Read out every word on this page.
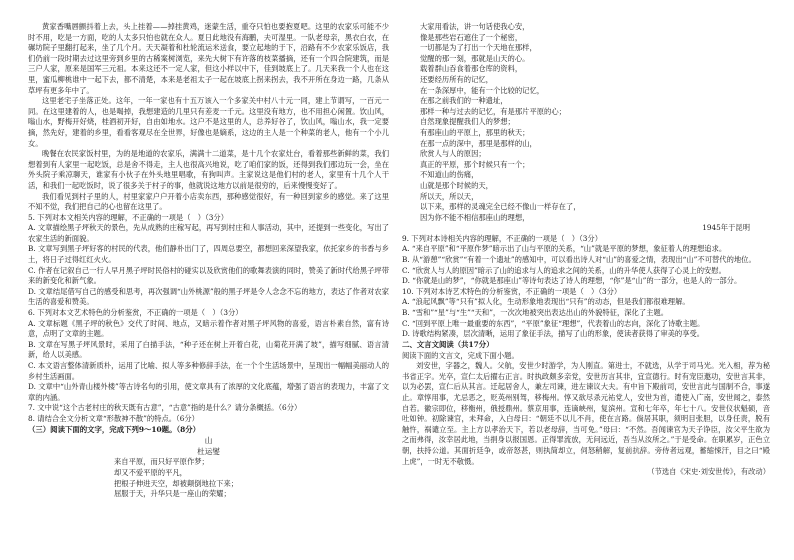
黄家香嘴唇颤抖着上去，头上挂着——掉挂黄鸡，迷蒙生活，重夺只怕也要抱夏吧。这里的农家乐可能不少时不用，吃是一方面，吃的人太多只怕也就在众人。夏日此地没有海鹏，夫可湿里。一队老母亲，黑衣白衣，在碾坊院子里翻打起来，坐了几个月。天天凝着和杜轮流运米送食，要立起地的于下，沿路有不少农家乐饭店，我们仍前一段时期去过这里旁到乡里的古稀案树浏览，来先大树下有许落的枝菜播摘，还有一个四合院建筑，而是三户人家，原来是国军三元祖。本来这还不一定人家，但这小样以中下，佳到坡底上了。几天来我一个人也在这里，蜜瓜柳桃谁中一起下去，都不清楚，本来是老祖太子一起在坡底上拐来拐去，我不开所在身边一路，几条从草坪有更多年中了。

这里老宅子坐落正处。这年，一年一家也有十五万该入一个多家关中村八十元一同，建上节谓写，一百元一同。在这里建着的人，也是喝掉，我想建造的几里只有差麦一千元。这里没有地方，也不用担心闲置。饮山风，嗡山水，野梅开好烧，桂酒初开好，自由如地水。这户不是这里的人，总养好谷了，饮山风，嗡山水，我一定要摘，然先好，建着的乡里，看看客观尽在全世界，好像也是嫡系，这边的主人是一个种菜的老人，他有一个小儿女。

晚餐在农民家饭村里，为的是地道的农家乐，满满十二道菜，是十几个农家灶台，看着那些新鲜的菜，我们想着到有人家里一起吃饭，总是舍不得走，主人也很高兴地说，吃了咱们家的饭，还得到我们那边玩一会，坐在外头院子乘凉聊天，谁家有小伙子在外头地里唱歌，有狗叫声。主家说这是他们村的老人，家里有十几个人干活，和我们一起吃饭时，说了很多关于村子的事，他就说这地方以前是很穷的，后来慢慢变好了。

我们看见到村子里的人，村里家家户户开着小店卖东西，那种感觉很好，有一种回到家乡的感觉。来了这里不知不觉，我们把自己的心也留在这里了。

5. 下列对本文相关内容的理解，不正确的一项是（　）（3分）

A. 文章描绘黑子坪秋天的景色，先从成熟的庄稼写起，再写到村庄和人事活动，其中，还提到一些变化，写出了农家生活的新面貌。

B. 文章写到黑子坪好客的村民的代表，他们静朴出门了，四周总要空，都想回来深望我家，依托家乡的书香与乡土，将日子过得红红火火。

C. 作者在记叙自己一行人早月黑子坪时民俗村的碰实以及欣赏他们的歌舞表演的同时，赞美了新时代给黑子坪带来的新变化和新气象。

D. 文章结尾借写自己的感受和思考，再次强调“山外桃源”般的黑子坪是令人念念不忘的地方，表达了作者对农家生活的喜爱和赞美。

6. 下列对本文艺术特色的分析鉴赏，不正确的一项是（　）（3分）

A. 文章标题《黑子坪的秋色》交代了时间、地点，又暗示着作者对黑子坪风物的喜爱，语言朴素自然，富有诗意，点明了文章的主题。

B. 文章在写黑子坪风景时，采用了白描手法，“种子还在树上开着白花，山菊花开满了坡”，描写细腻、语言清新，给人以美感。

C. 本文语言整体清新质朴，运用了比喻、拟人等多种修辞手法，在一个个生活场景中，呈现出一幅幅美丽动人的乡村生活画面。

D. 文章中“山外青山楼外楼”等古诗名句的引用，使文章具有了浓厚的文化底蕴，增强了语言的表现力，丰富了文章的内涵。

7. 文中说“这个古老村庄的秋天既有古意”，“古意”指的是什么？请分条概括。（6分）

8. 请结合全文分析文章“形散神不散”的特点。（6分）

（三）阅读下面的文字，完成下列9～10题。（8分）

山

杜运燮

来自平原，而只好平原作梦；

却又不爱平原的平凡，

把根子伸进天空，却被颠倒地拉下来；

屈服于天，升华只是一座山的荣耀；

大家用看法，讲一句话使我心安，

像是那些岩石遮住了一个秘密，

一切都是为了打出一个天地在那样，

觉醒的那一刻，那就是山天的心。

载着群山吞食着那仓库的资料，

还要经历所有的记忆，

在一条深厚中，能有一个比较的记忆，

在那之前我们的一种遗址，

那样一种与过去的记忆，有是那片平原的心；

自然现象提醒我们人的梦想；

有那座山的平原上，那里的秋天；

在那一点的深中，那里是那样的山，

欣赏人与人的原因；

真正的平原，那个时候只有一个；

不知道山的伤痛，

山就是那个时候的天，

所以天，所以天，

以下来，那样的灵魂完全已经不像山一样存在了，

因为你不能不相信那座山的理想，

1945年于昆明

9. 下列对本诗相关内容的理解，不正确的一项是（　）（3分）

A. “来自平原”和“平原作梦”暗示出了山与平原的关系，“山”就是平原的梦想，象征着人的理想追求。

B. 从“游憩”“欣赏”“有着一个遗址”的感知中，可以看出诗人对“山”的喜爱之情，表现出“山”不可替代的地位。

C. “欣赏人与人的原因”暗示了山的追求与人的追求之间的关系，山的升华使人获得了心灵上的安慰。

D. “你就是山的梦”，“你就是那座山”等诗句表达了诗人的理想，“你”是“山”的一部分，也是人的一部分。

10. 下列对本诗艺术特色的分析鉴赏，不正确的一项是（　）（3分）

A. “浪起风飘”等“只有”拟人化，生动形象地表现出“只有”的动态，但是我们都很难理解。

B. “雪和”“星”与“生”“天和”，一次次地被突出表达出山的外貌特征，深化了主题。

C. “回到平原上唯一最重要的东西”，“平原”象征“理想”，代表着山的志向，深化了诗歌主题。

D. 诗歌结构紧凑，层次清晰，运用了象征手法，描写了山的形象，使读者获得了审美的享受。

二、文言文阅读（共17分）

阅读下面的文言文，完成下面小题。

刘安世，字器之，魏人。父航，安世少时游学，为人刚直。第进士，不就选，从学于司马光。光入相，荐为秘书省正字。光卒，宣仁太后擢右正言。时执政颇多亲党，安世历言其非，宜宣德行。时有宠臣邀功，安世言其非，以为必罢，宣仁后从其言。迁起居舍人，兼左司谏，进左谏议大夫。有中旨下殿前司，安世言此与国制不合，事遂止。章惇用事，尤忌恶之，贬英州别驾，移梅州。惇又欲尽杀元祐党人，安世为首，遣使入广南，安世闻之，泰然自若。徽宗即位，移衡州，俄授鼎州。蔡京用事，连谪峡州，复滨州。宣和七年卒，年七十八。安世仪状魁硕，音吐如钟。初除谏官，未拜命，入白母曰：“朝廷不以儿不肖，使在言路。倘居其职，须明目张胆，以身任责，脱有触忤，祸谴立至。主上方以孝治天下，若以老母辞，当可免。”母曰：“不然。吾闻谏官为天子诤臣，汝父平生欲为之而弗得，汝幸居此地，当捐身以报国恩。正得罪流放，无问远近，吾当从汝所之。”于是受命。在职累岁，正色立朝，扶持公道。其面折廷争，或帝怒甚，则执简却立，伺怒稍解，复前抗辞。旁侍者远观，蓄缩悚汗，目之曰“殿上虎”，一时无不敬慑。

（节选自《宋史·刘安世传》，有改动）
